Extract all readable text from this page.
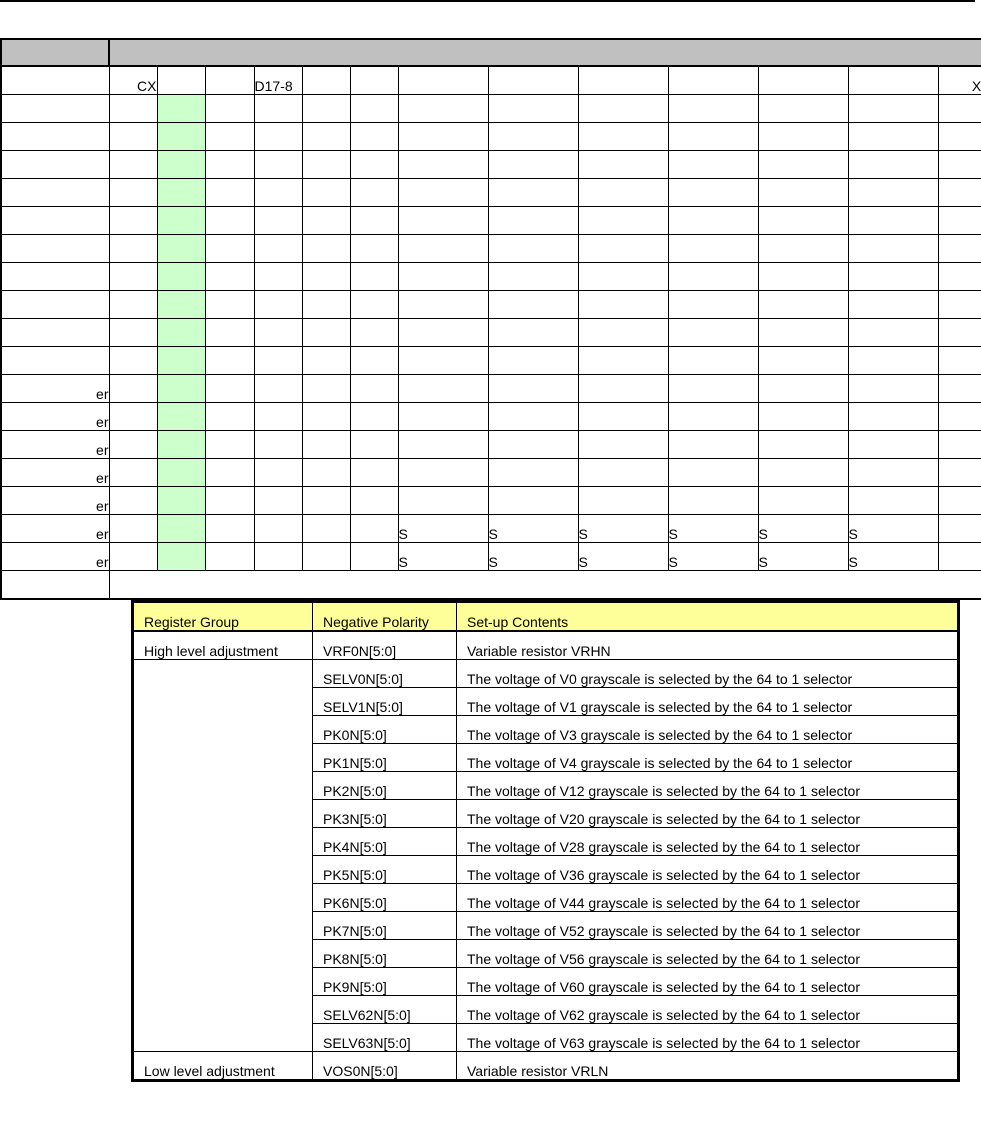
	CX			D17-8									X

er													
er													
er													
er													
er													
er							S	S	S	S	S	S	
er							S	S	S	S	S	S	

Register Group	Negative Polarity	Set-up Contents
High level adjustment	VRF0N[5:0]	Variable resistor VRHN
	SELV0N[5:0]	The voltage of V0 grayscale is selected by the 64 to 1 selector
	SELV1N[5:0]	The voltage of V1 grayscale is selected by the 64 to 1 selector
	PK0N[5:0]	The voltage of V3 grayscale is selected by the 64 to 1 selector
	PK1N[5:0]	The voltage of V4 grayscale is selected by the 64 to 1 selector
	PK2N[5:0]	The voltage of V12 grayscale is selected by the 64 to 1 selector
	PK3N[5:0]	The voltage of V20 grayscale is selected by the 64 to 1 selector
	PK4N[5:0]	The voltage of V28 grayscale is selected by the 64 to 1 selector
	PK5N[5:0]	The voltage of V36 grayscale is selected by the 64 to 1 selector
	PK6N[5:0]	The voltage of V44 grayscale is selected by the 64 to 1 selector
	PK7N[5:0]	The voltage of V52 grayscale is selected by the 64 to 1 selector
	PK8N[5:0]	The voltage of V56 grayscale is selected by the 64 to 1 selector
	PK9N[5:0]	The voltage of V60 grayscale is selected by the 64 to 1 selector
	SELV62N[5:0]	The voltage of V62 grayscale is selected by the 64 to 1 selector
	SELV63N[5:0]	The voltage of V63 grayscale is selected by the 64 to 1 selector
Low level adjustment	VOS0N[5:0]	Variable resistor VRLN
